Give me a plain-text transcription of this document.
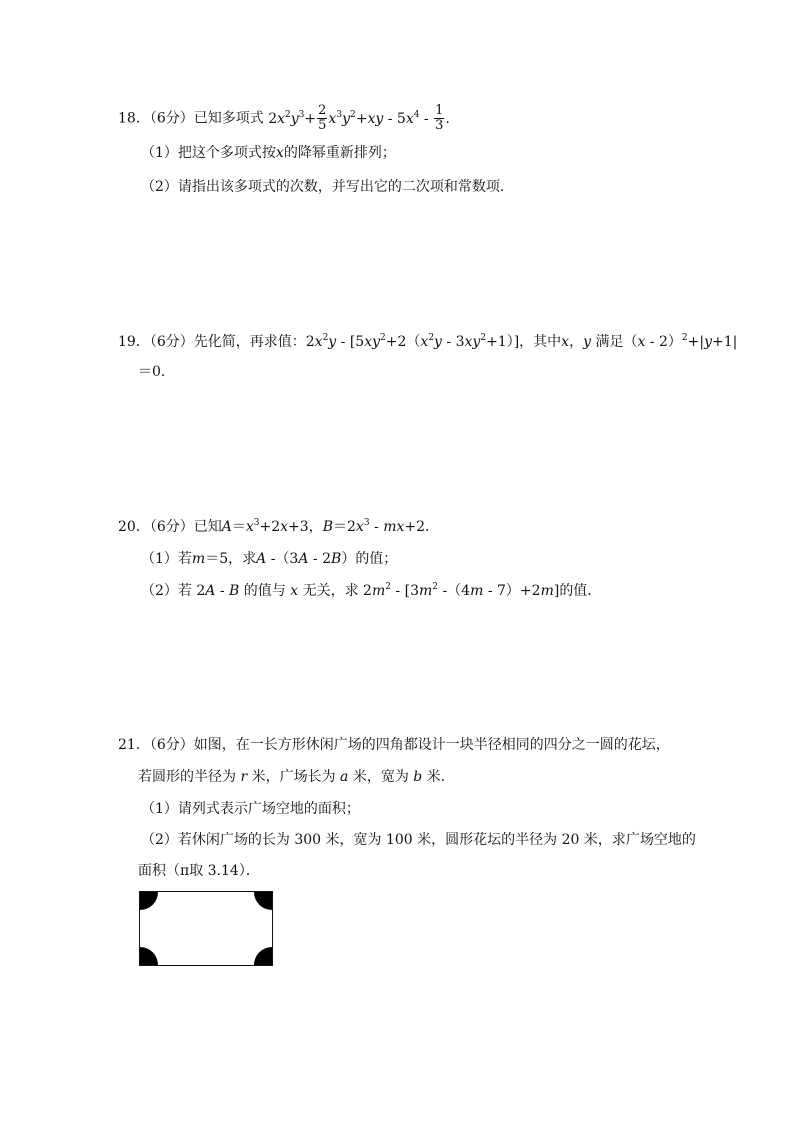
18．（6分）已知多项式 $2x^2y^3+ \frac{2}{5} x^3y^2+xy - 5x^4 - \frac{1}{3}$ .
（1）把这个多项式按x的降幂重新排列；
（2）请指出该多项式的次数，并写出它的二次项和常数项．
19．（6分）先化简，再求值：$2x^2y - [5xy^2+2(x^2y - 3xy^2+1)]$，其中x，y 满足（x - 2）$^2$+|y+1|
＝0．
20．（6分）已知$A=x^3+2x+3$，$B=2x^3 - mx+2$．
（1）若m＝5，求A -（3A - 2B）的值；
（2）若 2A - B 的值与 x 无关，求 $2m^2 - [3m^2$ -（4m - 7）+2m]的值．
21．（6分）如图，在一长方形休闲广场的四角都设计一块半径相同的四分之一圆的花坛，
若圆形的半径为 r 米，广场长为 a 米，宽为 b 米．
（1）请列式表示广场空地的面积；
（2）若休闲广场的长为 300 米，宽为 100 米，圆形花坛的半径为 20 米，求广场空地的
面积（π取 3.14）．
